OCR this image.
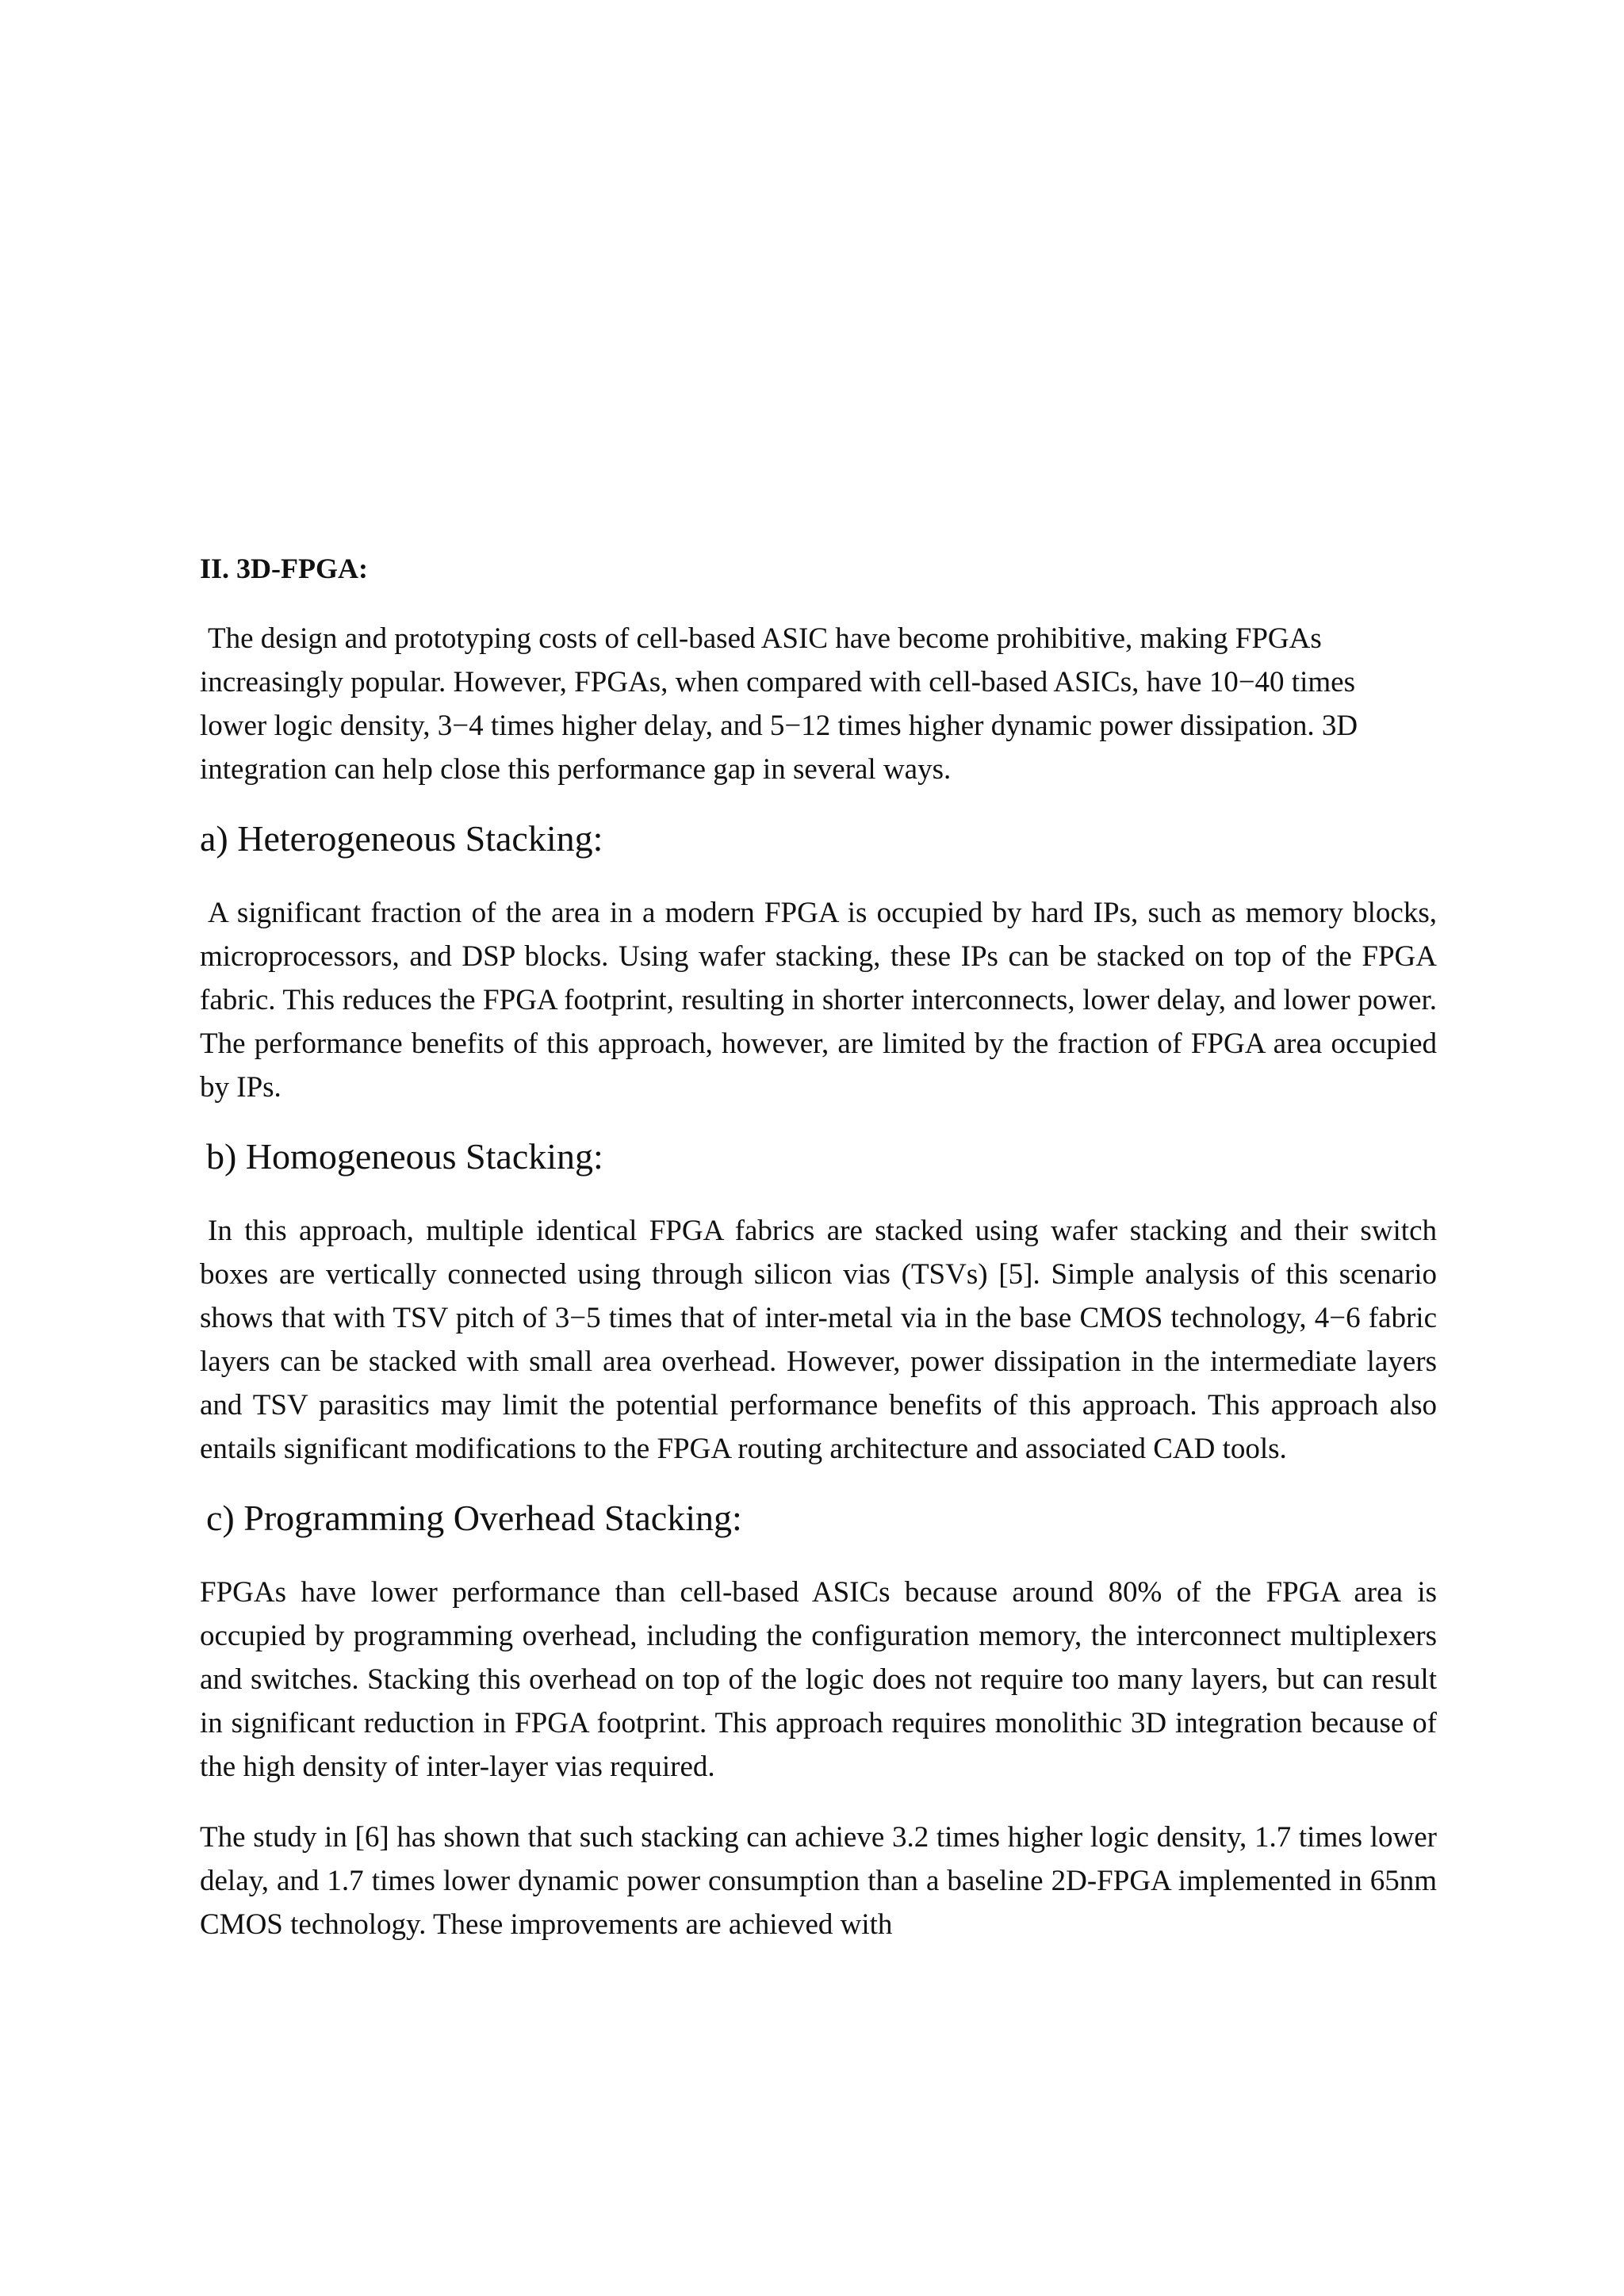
II. 3D-FPGA:

The design and prototyping costs of cell-based ASIC have become prohibitive, making FPGAs increasingly popular. However, FPGAs, when compared with cell-based ASICs, have 10−40 times lower logic density, 3−4 times higher delay, and 5−12 times higher dynamic power dissipation. 3D integration can help close this performance gap in several ways.

a) Heterogeneous Stacking:

A significant fraction of the area in a modern FPGA is occupied by hard IPs, such as memory blocks, microprocessors, and DSP blocks. Using wafer stacking, these IPs can be stacked on top of the FPGA fabric. This reduces the FPGA footprint, resulting in shorter interconnects, lower delay, and lower power. The performance benefits of this approach, however, are limited by the fraction of FPGA area occupied by IPs.

b) Homogeneous Stacking:

In this approach, multiple identical FPGA fabrics are stacked using wafer stacking and their switch boxes are vertically connected using through silicon vias (TSVs) [5]. Simple analysis of this scenario shows that with TSV pitch of 3−5 times that of inter-metal via in the base CMOS technology, 4−6 fabric layers can be stacked with small area overhead. However, power dissipation in the intermediate layers and TSV parasitics may limit the potential performance benefits of this approach. This approach also entails significant modifications to the FPGA routing architecture and associated CAD tools.

c) Programming Overhead Stacking:

FPGAs have lower performance than cell-based ASICs because around 80% of the FPGA area is occupied by programming overhead, including the configuration memory, the interconnect multiplexers and switches. Stacking this overhead on top of the logic does not require too many layers, but can result in significant reduction in FPGA footprint. This approach requires monolithic 3D integration because of the high density of inter-layer vias required.

The study in [6] has shown that such stacking can achieve 3.2 times higher logic density, 1.7 times lower delay, and 1.7 times lower dynamic power consumption than a baseline 2D-FPGA implemented in 65nm CMOS technology. These improvements are achieved with
